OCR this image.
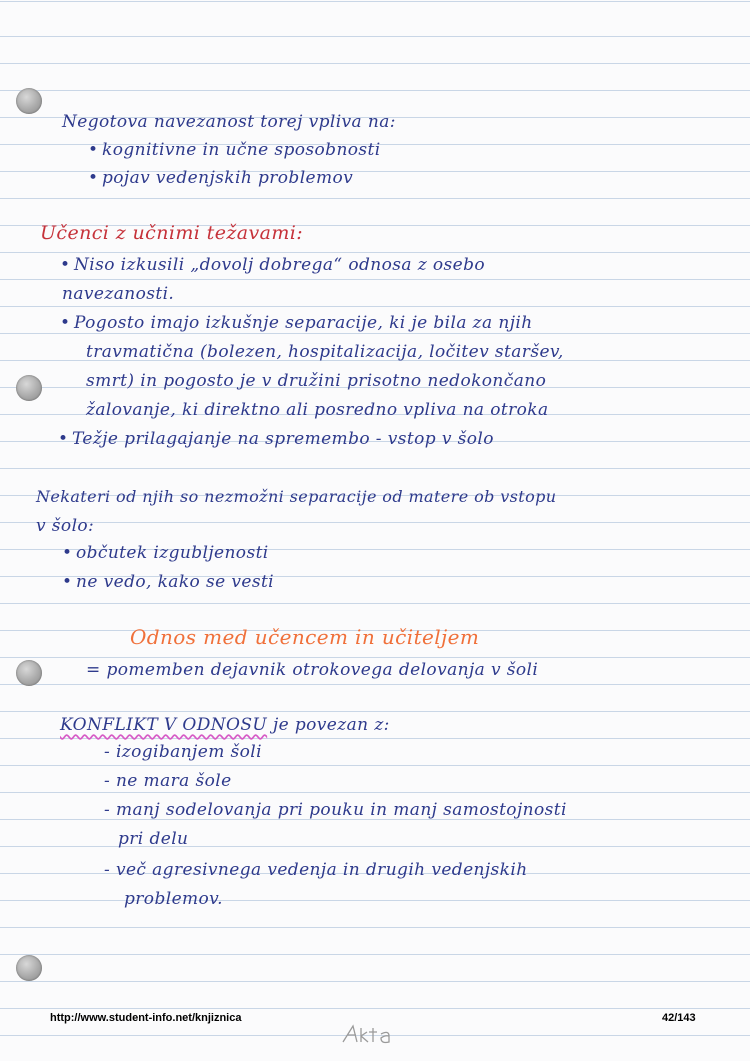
Negotova navezanost torej vpliva na:
• kognitivne in učne sposobnosti
• pojav vedenjskih problemov
Učenci z učnimi težavami:
• Niso izkusili „dovolj dobrega“ odnosa z osebo
navezanosti.
• Pogosto imajo izkušnje separacije, ki je bila za njih
travmatična (bolezen, hospitalizacija, ločitev staršev,
smrt) in pogosto je v družini prisotno nedokončano
žalovanje, ki direktno ali posredno vpliva na otroka
• Težje prilagajanje na spremembo - vstop v šolo
Nekateri od njih so nezmožni separacije od matere ob vstopu
v šolo:
• občutek izgubljenosti
• ne vedo, kako se vesti
Odnos med učencem in učiteljem
= pomemben dejavnik otrokovega delovanja v šoli
KONFLIKT V ODNOSU je povezan z:
- izogibanjem šoli
- ne mara šole
- manj sodelovanja pri pouku in manj samostojnosti
pri delu
- več agresivnega vedenja in drugih vedenjskih
problemov.
http://www.student-info.net/knjiznica	42/143
